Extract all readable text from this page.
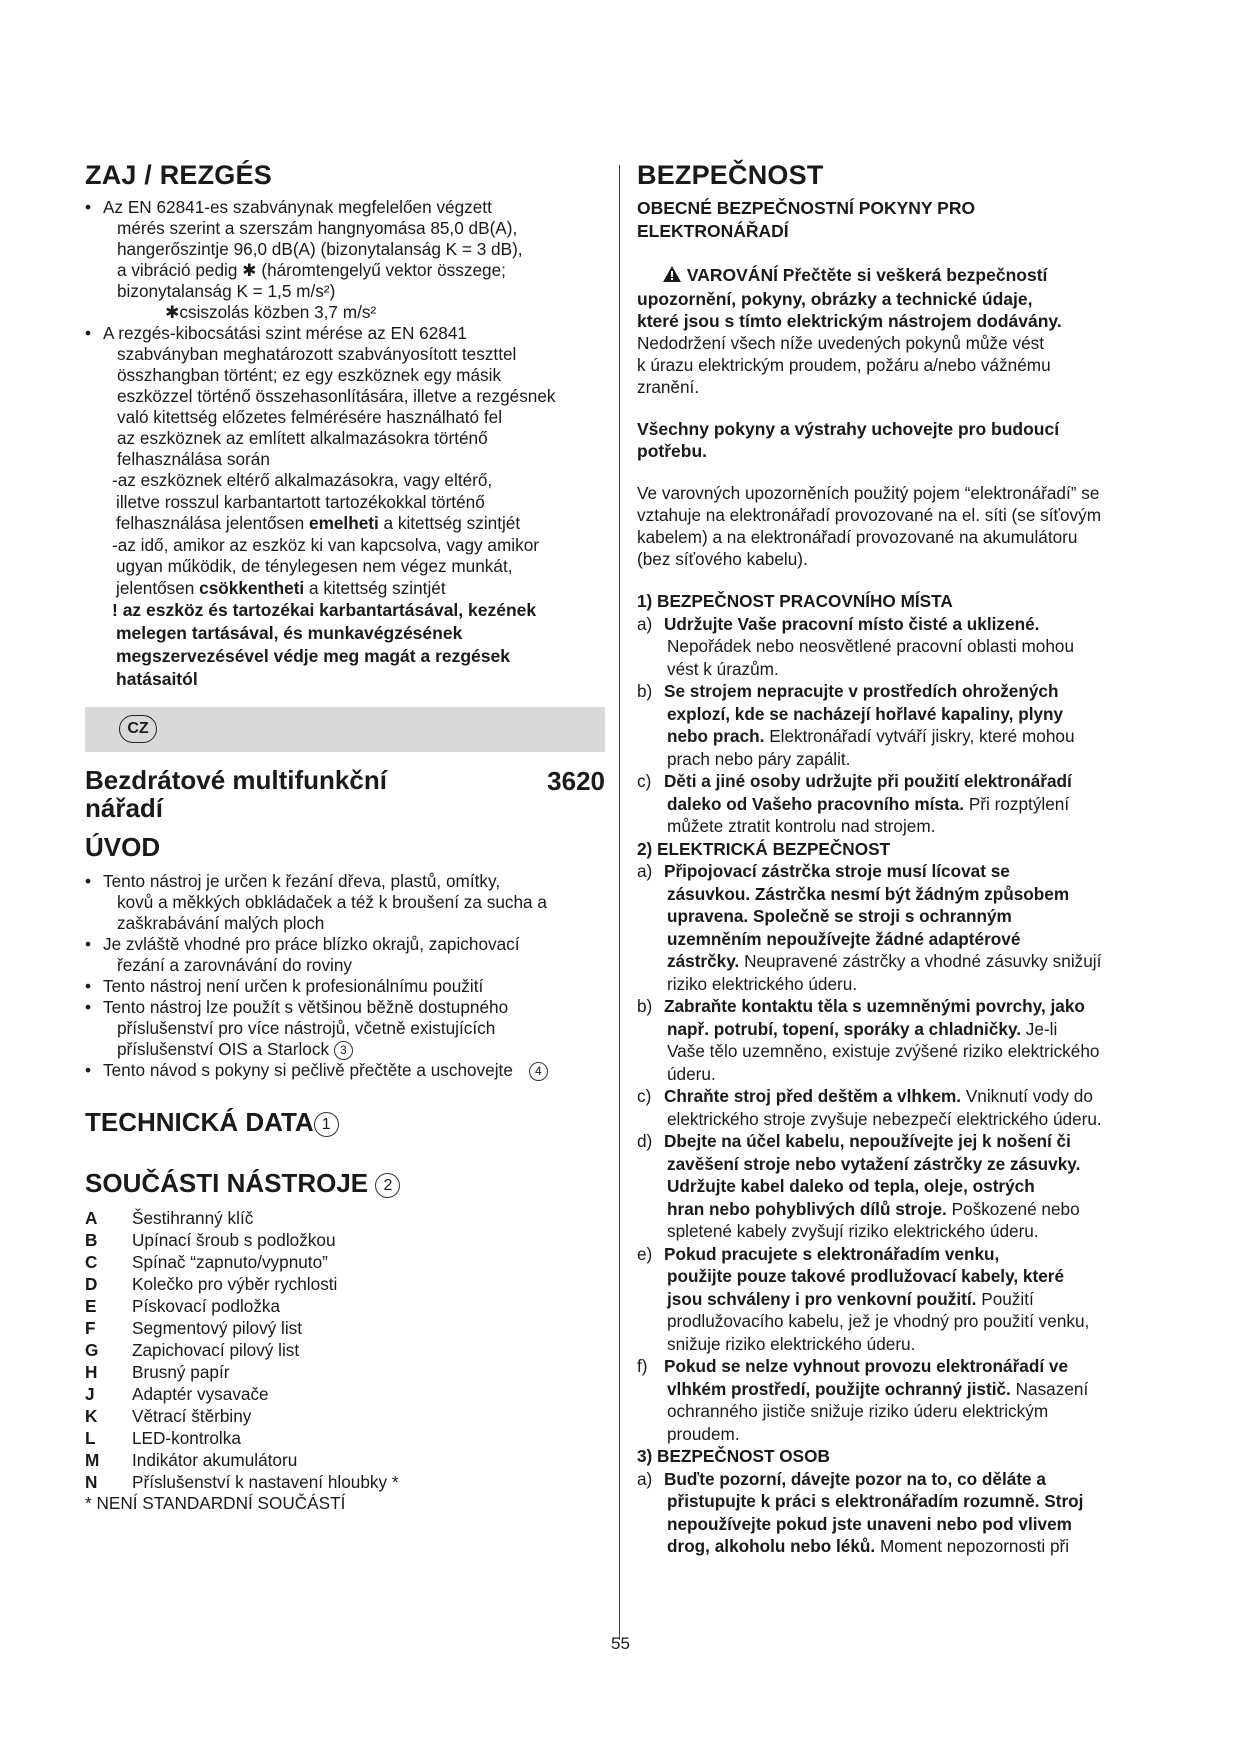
ZAJ / REZGÉS
• Az EN 62841-es szabványnak megfelelően végzett
mérés szerint a szerszám hangnyomása 85,0 dB(A),
hangerőszintje 96,0 dB(A) (bizonytalanság K = 3 dB),
a vibráció pedig ✱ (háromtengelyű vektor összege;
bizonytalanság K = 1,5 m/s²)
✱csiszolás közben 3,7 m/s²
• A rezgés-kibocsátási szint mérése az EN 62841
szabványban meghatározott szabványosított teszttel
összhangban történt; ez egy eszköznek egy másik
eszközzel történő összehasonlítására, illetve a rezgésnek
való kitettség előzetes felmérésére használható fel
az eszköznek az említett alkalmazásokra történő
felhasználása során
-az eszköznek eltérő alkalmazásokra, vagy eltérő,
illetve rosszul karbantartott tartozékokkal történő
felhasználása jelentősen emelheti a kitettség szintjét
-az idő, amikor az eszköz ki van kapcsolva, vagy amikor
ugyan működik, de ténylegesen nem végez munkát,
jelentősen csökkentheti a kitettség szintjét
! az eszköz és tartozékai karbantartásával, kezének
melegen tartásával, és munkavégzésének
megszervezésével védje meg magát a rezgések
hatásaitól
CZ
Bezdrátové multifunkční nářadí
3620
ÚVOD
• Tento nástroj je určen k řezání dřeva, plastů, omítky,
kovů a měkkých obkládaček a též k broušení za sucha a
zaškrabávání malých ploch
• Je zvláště vhodné pro práce blízko okrajů, zapichovací
řezání a zarovnávání do roviny
• Tento nástroj není určen k profesionálnímu použití
• Tento nástroj lze použít s většinou běžně dostupného
příslušenství pro více nástrojů, včetně existujících
příslušenství OIS a Starlock 3
• Tento návod s pokyny si pečlivě přečtěte a uschovejte 4
TECHNICKÁ DATA 1
SOUČÁSTI NÁSTROJE 2
A	Šestihranný klíč
B	Upínací šroub s podložkou
C	Spínač “zapnuto/vypnuto”
D	Kolečko pro výběr rychlosti
E	Pískovací podložka
F	Segmentový pilový list
G	Zapichovací pilový list
H	Brusný papír
J	Adaptér vysavače
K	Větrací štěrbiny
L	LED-kontrolka
M	Indikátor akumulátoru
N	Příslušenství k nastavení hloubky *
* NENÍ STANDARDNÍ SOUČÁSTÍ
BEZPEČNOST
OBECNÉ BEZPEČNOSTNÍ POKYNY PRO
ELEKTRONÁŘADÍ
VAROVÁNÍ Přečtěte si veškerá bezpečností
upozornění, pokyny, obrázky a technické údaje,
které jsou s tímto elektrickým nástrojem dodávány.
Nedodržení všech níže uvedených pokynů může vést
k úrazu elektrickým proudem, požáru a/nebo vážnému
zranění.
Všechny pokyny a výstrahy uchovejte pro budoucí
potřebu.
Ve varovných upozorněních použitý pojem “elektronářadí” se
vztahuje na elektronářadí provozované na el. síti (se síťovým
kabelem) a na elektronářadí provozované na akumulátoru
(bez síťového kabelu).
1) BEZPEČNOST PRACOVNÍHO MÍSTA
a) Udržujte Vaše pracovní místo čisté a uklizené.
Nepořádek nebo neosvětlené pracovní oblasti mohou
vést k úrazům.
b) Se strojem nepracujte v prostředích ohrožených
explozí, kde se nacházejí hořlavé kapaliny, plyny
nebo prach. Elektronářadí vytváří jiskry, které mohou
prach nebo páry zapálit.
c) Děti a jiné osoby udržujte při použití elektronářadí
daleko od Vašeho pracovního místa. Při rozptýlení
můžete ztratit kontrolu nad strojem.
2) ELEKTRICKÁ BEZPEČNOST
a) Připojovací zástrčka stroje musí lícovat se
zásuvkou. Zástrčka nesmí být žádným způsobem
upravena. Společně se stroji s ochranným
uzemněním nepoužívejte žádné adaptérové
zástrčky. Neupravené zástrčky a vhodné zásuvky snižují
riziko elektrického úderu.
b) Zabraňte kontaktu těla s uzemněnými povrchy, jako
např. potrubí, topení, sporáky a chladničky. Je-li
Vaše tělo uzemněno, existuje zvýšené riziko elektrického
úderu.
c) Chraňte stroj před deštěm a vlhkem. Vniknutí vody do
elektrického stroje zvyšuje nebezpečí elektrického úderu.
d) Dbejte na účel kabelu, nepoužívejte jej k nošení či
zavěšení stroje nebo vytažení zástrčky ze zásuvky.
Udržujte kabel daleko od tepla, oleje, ostrých
hran nebo pohyblivých dílů stroje. Poškozené nebo
spletené kabely zvyšují riziko elektrického úderu.
e) Pokud pracujete s elektronářadím venku,
použijte pouze takové prodlužovací kabely, které
jsou schváleny i pro venkovní použití. Použití
prodlužovacího kabelu, jež je vhodný pro použití venku,
snižuje riziko elektrického úderu.
f) Pokud se nelze vyhnout provozu elektronářadí ve
vlhkém prostředí, použijte ochranný jistič. Nasazení
ochranného jističe snižuje riziko úderu elektrickým
proudem.
3) BEZPEČNOST OSOB
a) Buďte pozorní, dávejte pozor na to, co děláte a
přistupujte k práci s elektronářadím rozumně. Stroj
nepoužívejte pokud jste unaveni nebo pod vlivem
drog, alkoholu nebo léků. Moment nepozornosti při
55
